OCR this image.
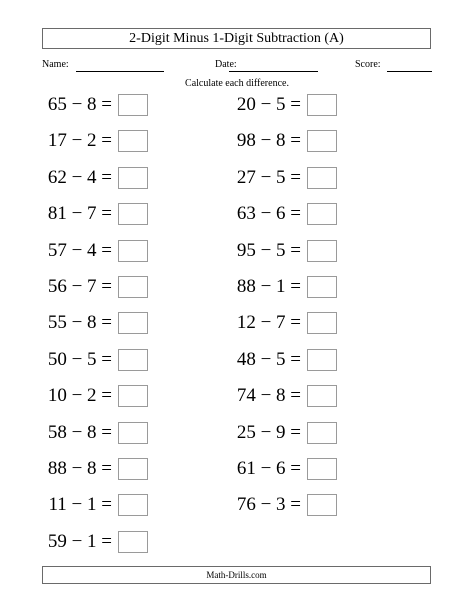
2-Digit Minus 1-Digit Subtraction (A)
Name:	Date:	Score:
Calculate each difference.
65 − 8 =
17 − 2 =
62 − 4 =
81 − 7 =
57 − 4 =
56 − 7 =
55 − 8 =
50 − 5 =
10 − 2 =
58 − 8 =
88 − 8 =
11 − 1 =
59 − 1 =
20 − 5 =
98 − 8 =
27 − 5 =
63 − 6 =
95 − 5 =
88 − 1 =
12 − 7 =
48 − 5 =
74 − 8 =
25 − 9 =
61 − 6 =
76 − 3 =
Math-Drills.com
